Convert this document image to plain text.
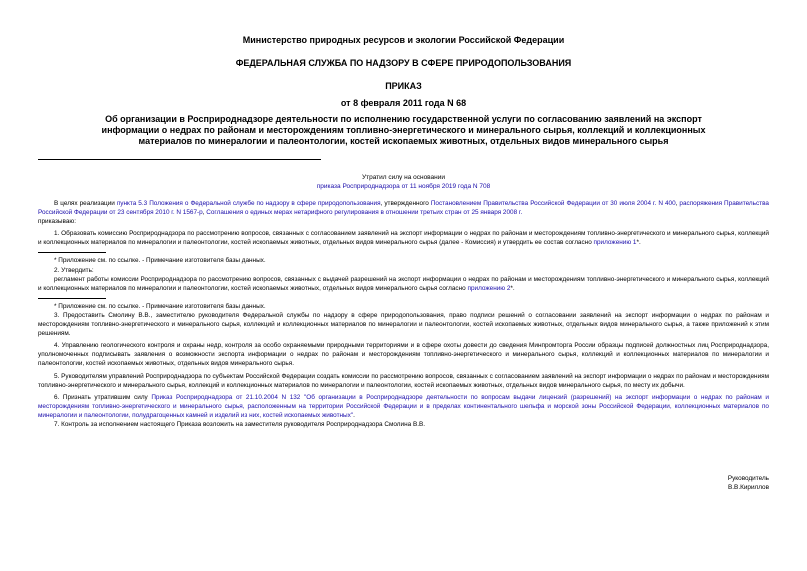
Министерство природных ресурсов и экологии Российской Федерации
ФЕДЕРАЛЬНАЯ СЛУЖБА ПО НАДЗОРУ В СФЕРЕ ПРИРОДОПОЛЬЗОВАНИЯ
ПРИКАЗ
от 8 февраля 2011 года N 68
Об организации в Росприроднадзоре деятельности по исполнению государственной услуги по согласованию заявлений на экспорт информации о недрах по районам и месторождениям топливно-энергетического и минерального сырья, коллекций и коллекционных материалов по минералогии и палеонтологии, костей ископаемых животных, отдельных видов минерального сырья
Утратил силу на основании
приказа Росприроднадзора от 11 ноября 2019 года N 708

В целях реализации пункта 5.3 Положения о Федеральной службе по надзору в сфере природопользования, утвержденного Постановлением Правительства Российской Федерации от 30 июля 2004 г. N 400, распоряжения Правительства Российской Федерации от 23 сентября 2010 г. N 1567-р, Соглашения о единых мерах нетарифного регулирования в отношении третьих стран от 25 января 2008 г.

приказываю:

1. Образовать комиссию Росприроднадзора по рассмотрению вопросов, связанных с согласованием заявлений на экспорт информации о недрах по районам и месторождениям топливно-энергетического и минерального сырья, коллекций и коллекционных материалов по минералогии и палеонтологии, костей ископаемых животных, отдельных видов минерального сырья (далее - Комиссия) и утвердить ее состав согласно приложению 1*.

* Приложение см. по ссылке. - Примечание изготовителя базы данных.

2. Утвердить:

регламент работы комиссии Росприроднадзора по рассмотрению вопросов, связанных с выдачей разрешений на экспорт информации о недрах по районам и месторождениям топливно-энергетического и минерального сырья, коллекций и коллекционных материалов по минералогии и палеонтологии, костей ископаемых животных, отдельных видов минерального сырья согласно приложению 2*.

* Приложение см. по ссылке. - Примечание изготовителя базы данных.

3. Предоставить Смолину В.В., заместителю руководителя Федеральной службы по надзору в сфере природопользования, право подписи решений о согласовании заявлений на экспорт информации о недрах по районам и месторождениям топливно-энергетического и минерального сырья, коллекций и коллекционных материалов по минералогии и палеонтологии, костей ископаемых животных, отдельных видов минерального сырья, а также приложений к этим решениям.

4. Управлению геологического контроля и охраны недр, контроля за особо охраняемыми природными территориями и в сфере охоты довести до сведения Минпромторга России образцы подписей должностных лиц Росприроднадзора, уполномоченных подписывать заявления о возможности экспорта информации о недрах по районам и месторождениям топливно-энергетического и минерального сырья, коллекций и коллекционных материалов по минералогии и палеонтологии, костей ископаемых животных, отдельных видов минерального сырья.

5. Руководителям управлений Росприроднадзора по субъектам Российской Федерации создать комиссии по рассмотрению вопросов, связанных с согласованием заявлений на экспорт информации о недрах по районам и месторождениям топливно-энергетического и минерального сырья, коллекций и коллекционных материалов по минералогии и палеонтологии, костей ископаемых животных, отдельных видов минерального сырья, по месту их добычи.

6. Признать утратившим силу Приказ Росприроднадзора от 21.10.2004 N 132 "Об организации в Росприроднадзоре деятельности по вопросам выдачи лицензий (разрешений) на экспорт информации о недрах по районам и месторождениям топливно-энергетического и минерального сырья, расположенным на территории Российской Федерации и в пределах континентального шельфа и морской зоны Российской Федерации, коллекционных материалов по минералогии и палеонтологии, полудрагоценных камней и изделий из них, костей ископаемых животных".

7. Контроль за исполнением настоящего Приказа возложить на заместителя руководителя Росприроднадзора Смолина В.В.

Руководитель
В.В.Кириллов
